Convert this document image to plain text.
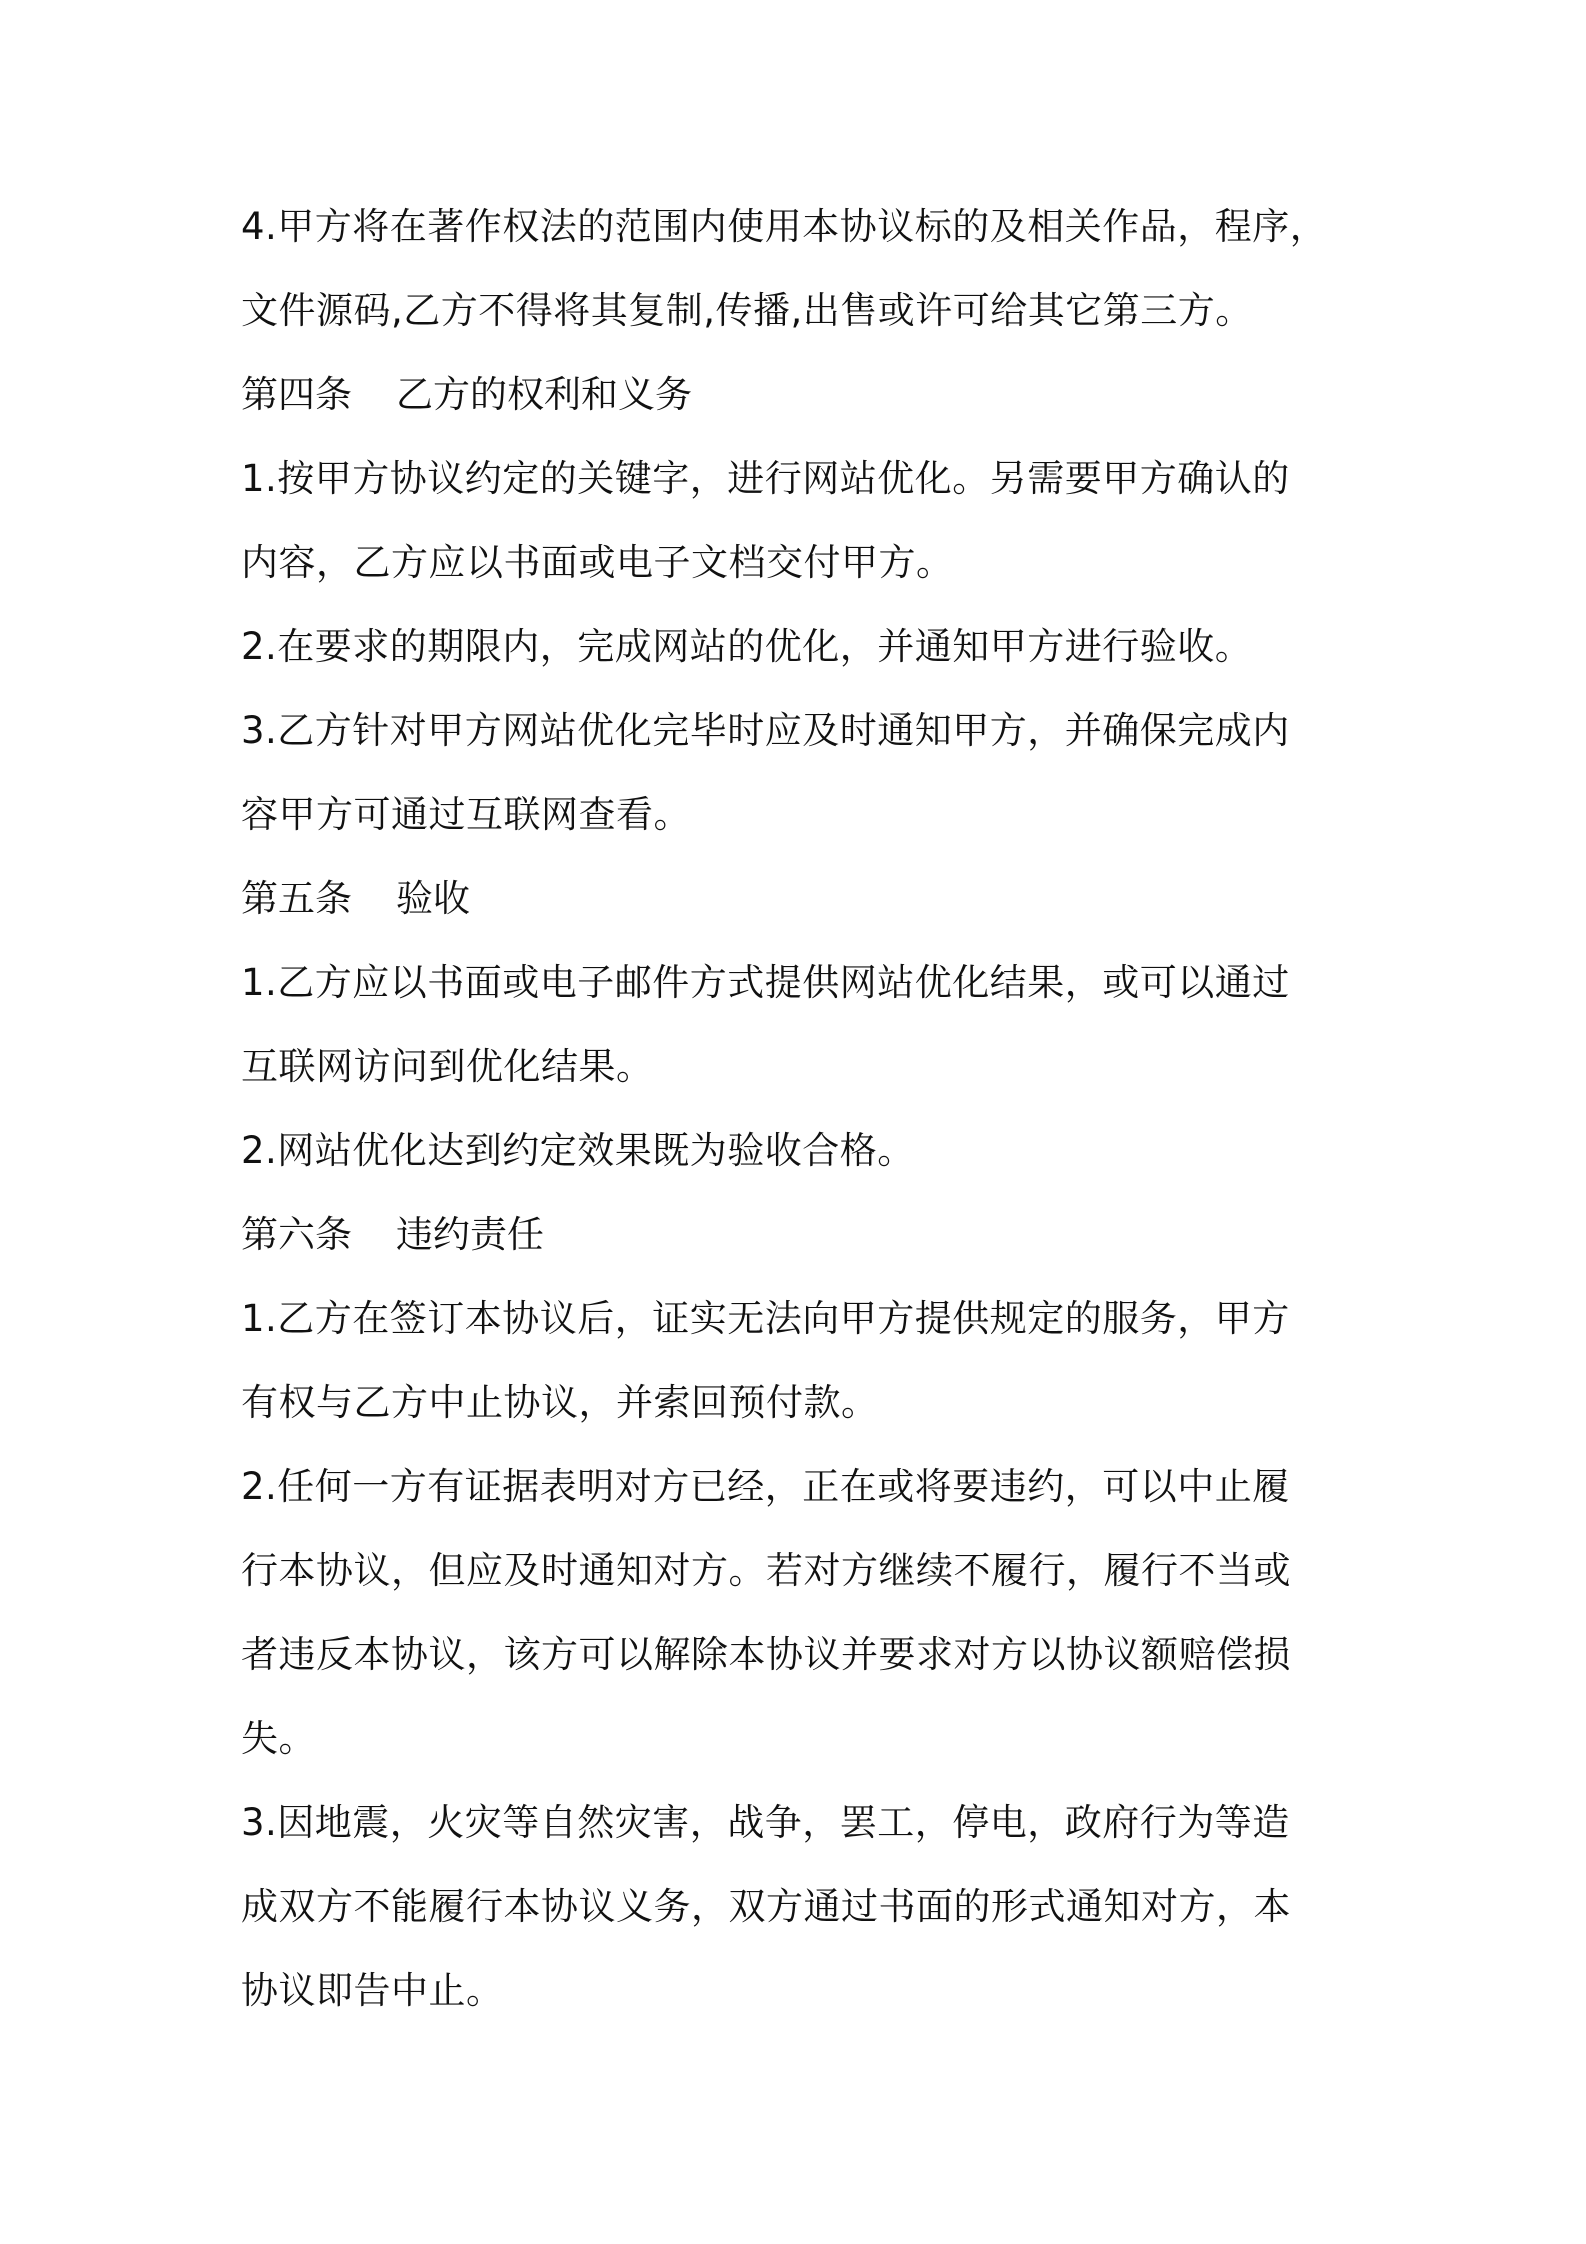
4.甲方将在著作权法的范围内使用本协议标的及相关作品，程序，
文件源码,乙方不得将其复制,传播,出售或许可给其它第三方。
第四条 乙方的权利和义务
1.按甲方协议约定的关键字，进行网站优化。另需要甲方确认的
内容，乙方应以书面或电子文档交付甲方。
2.在要求的期限内，完成网站的优化，并通知甲方进行验收。
3.乙方针对甲方网站优化完毕时应及时通知甲方，并确保完成内
容甲方可通过互联网查看。
第五条 验收
1.乙方应以书面或电子邮件方式提供网站优化结果，或可以通过
互联网访问到优化结果。
2.网站优化达到约定效果既为验收合格。
第六条 违约责任
1.乙方在签订本协议后，证实无法向甲方提供规定的服务，甲方
有权与乙方中止协议，并索回预付款。
2.任何一方有证据表明对方已经，正在或将要违约，可以中止履
行本协议，但应及时通知对方。若对方继续不履行，履行不当或
者违反本协议，该方可以解除本协议并要求对方以协议额赔偿损
失。
3.因地震，火灾等自然灾害，战争，罢工，停电，政府行为等造
成双方不能履行本协议义务，双方通过书面的形式通知对方，本
协议即告中止。
